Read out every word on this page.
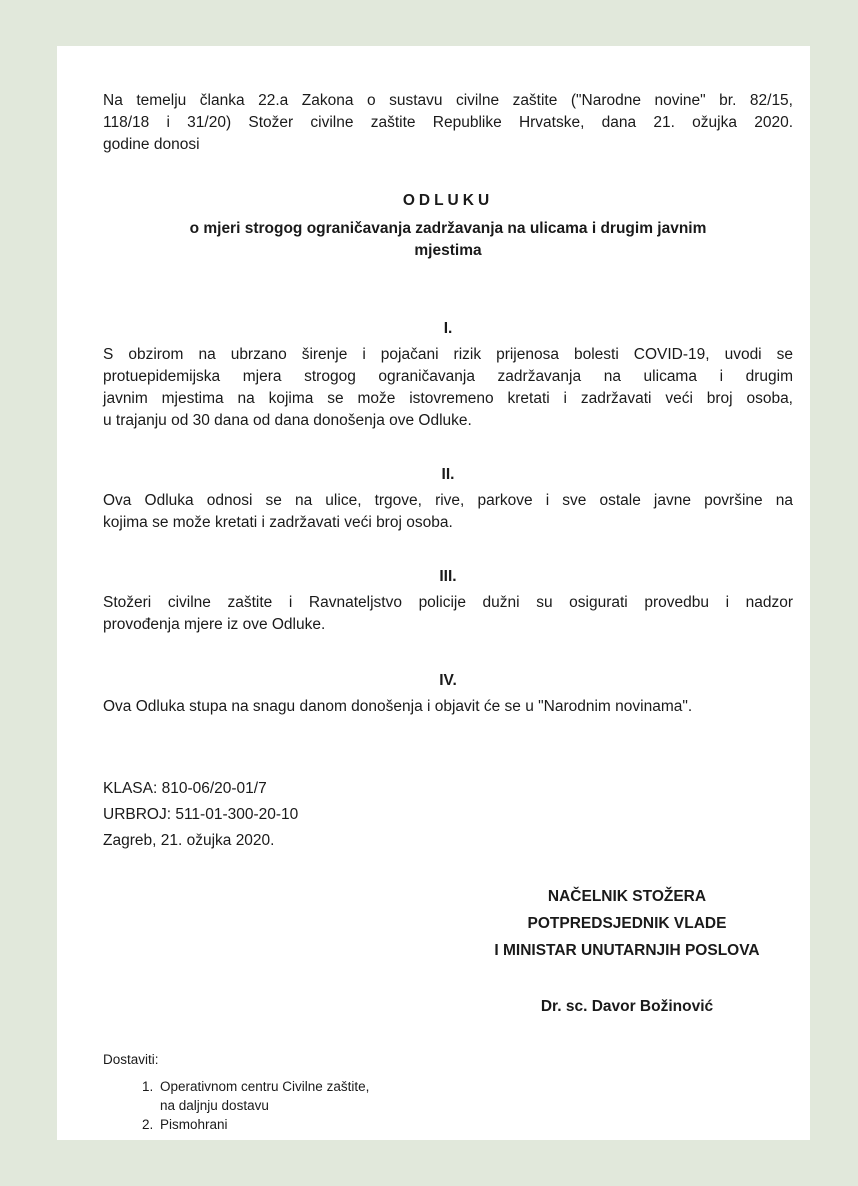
Na temelju članka 22.a Zakona o sustavu civilne zaštite ("Narodne novine" br. 82/15,
118/18 i 31/20) Stožer civilne zaštite Republike Hrvatske, dana 21. ožujka 2020.
godine donosi
ODLUKU
o mjeri strogog ograničavanja zadržavanja na ulicama i drugim javnim
mjestima
I.
S obzirom na ubrzano širenje i pojačani rizik prijenosa bolesti COVID-19, uvodi se
protuepidemijska mjera strogog ograničavanja zadržavanja na ulicama i drugim
javnim mjestima na kojima se može istovremeno kretati i zadržavati veći broj osoba,
u trajanju od 30 dana od dana donošenja ove Odluke.
II.
Ova Odluka odnosi se na ulice, trgove, rive, parkove i sve ostale javne površine na
kojima se može kretati i zadržavati veći broj osoba.
III.
Stožeri civilne zaštite i Ravnateljstvo policije dužni su osigurati provedbu i nadzor
provođenja mjere iz ove Odluke.
IV.
Ova Odluka stupa na snagu danom donošenja i objavit će se u "Narodnim novinama".
KLASA: 810-06/20-01/7
URBROJ: 511-01-300-20-10
Zagreb, 21. ožujka 2020.
NAČELNIK STOŽERA
POTPREDSJEDNIK VLADE
I MINISTAR UNUTARNJIH POSLOVA
Dr. sc. Davor Božinović
Dostaviti:
1. Operativnom centru Civilne zaštite,
na daljnju dostavu
2. Pismohrani
